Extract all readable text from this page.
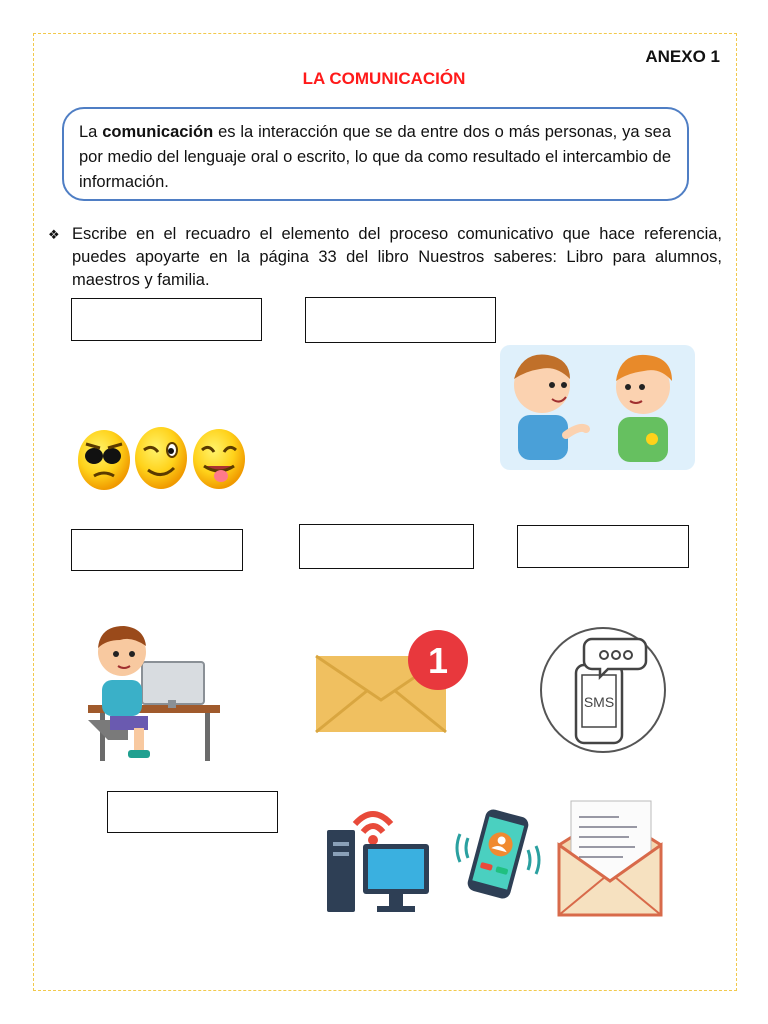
ANEXO 1
LA COMUNICACIÓN
La comunicación es la interacción que se da entre dos o más personas, ya sea por medio del lenguaje oral o escrito, lo que da como resultado el intercambio de información.
❖ Escribe en el recuadro el elemento del proceso comunicativo que hace referencia, puedes apoyarte en la página 33 del libro Nuestros saberes: Libro para alumnos, maestros y familia.
1
SMS
